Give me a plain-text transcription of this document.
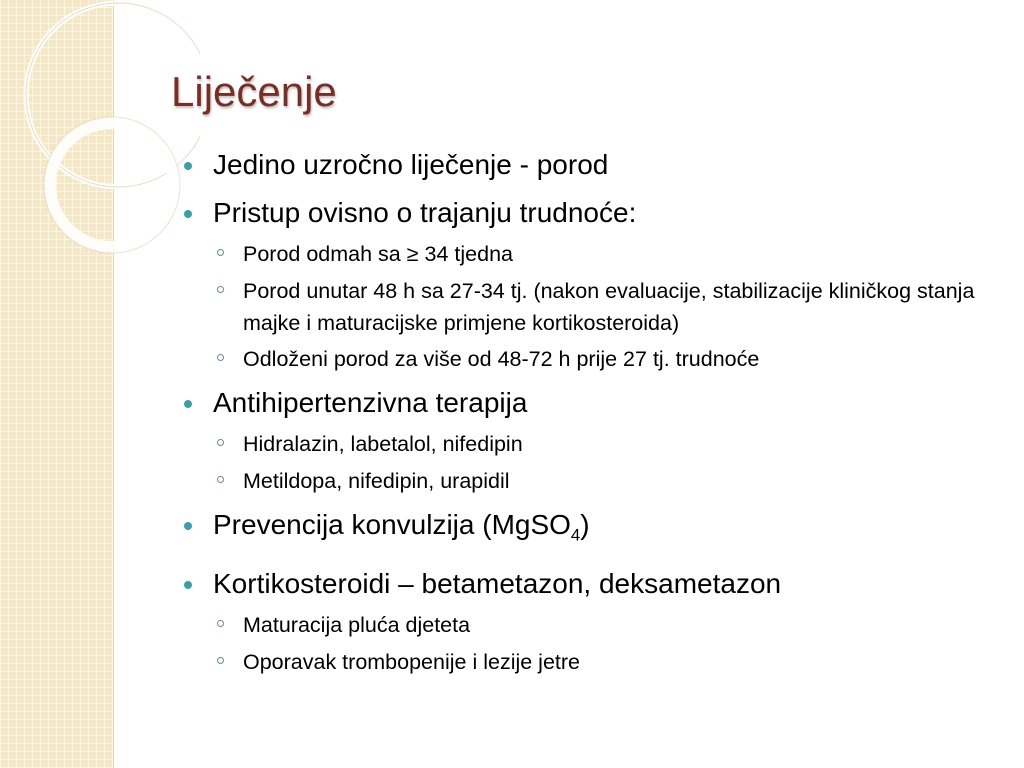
Liječenje
Jedino uzročno liječenje - porod
Pristup ovisno o trajanju trudnoće:
Porod odmah sa ≥ 34 tjedna
Porod unutar 48 h sa 27-34 tj. (nakon evaluacije, stabilizacije kliničkog stanja majke i maturacijske primjene kortikosteroida)
Odloženi porod za više od 48-72 h prije 27 tj. trudnoće
Antihipertenzivna terapija
Hidralazin, labetalol, nifedipin
Metildopa, nifedipin, urapidil
Prevencija konvulzija (MgSO$_4$)
Kortikosteroidi – betametazon, deksametazon
Maturacija pluća djeteta
Oporavak trombopenije i lezije jetre
